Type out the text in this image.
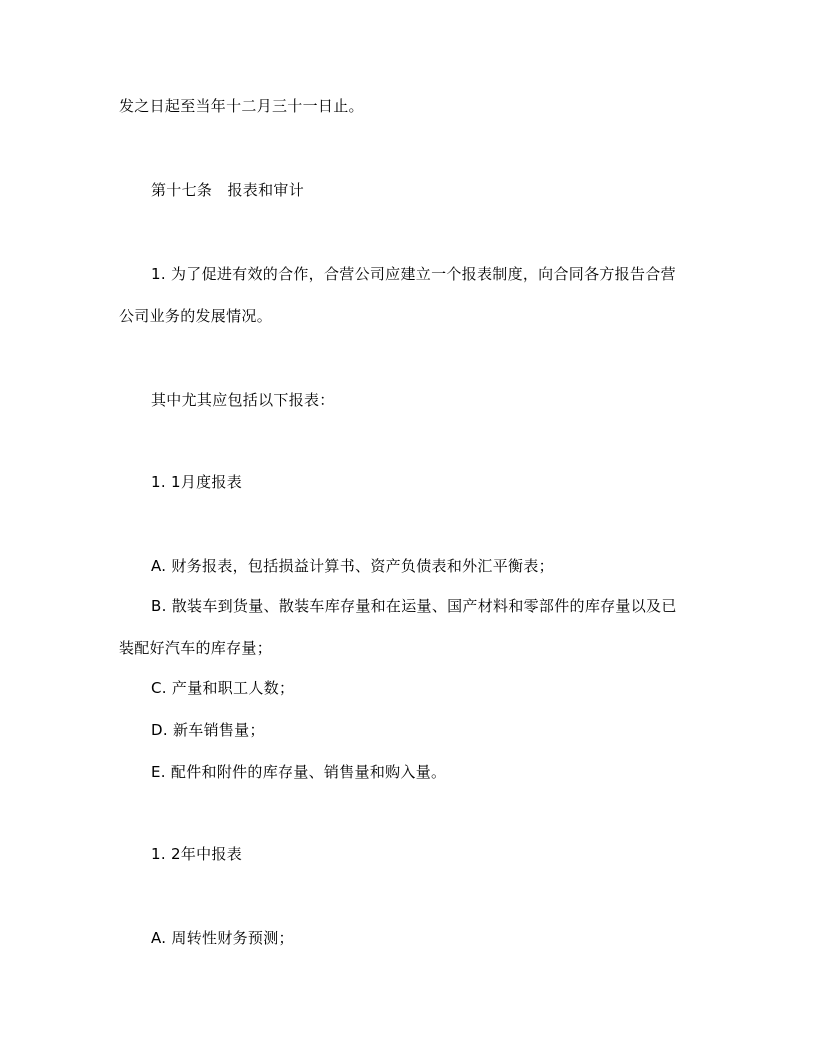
发之日起至当年十二月三十一日止。
第十七条　报表和审计
1. 为了促进有效的合作，合营公司应建立一个报表制度，向合同各方报告合营
公司业务的发展情况。
其中尤其应包括以下报表：
1. 1月度报表
A. 财务报表，包括损益计算书、资产负债表和外汇平衡表；
B. 散装车到货量、散装车库存量和在运量、国产材料和零部件的库存量以及已
装配好汽车的库存量；
C. 产量和职工人数；
D. 新车销售量；
E. 配件和附件的库存量、销售量和购入量。
1. 2年中报表
A. 周转性财务预测；
